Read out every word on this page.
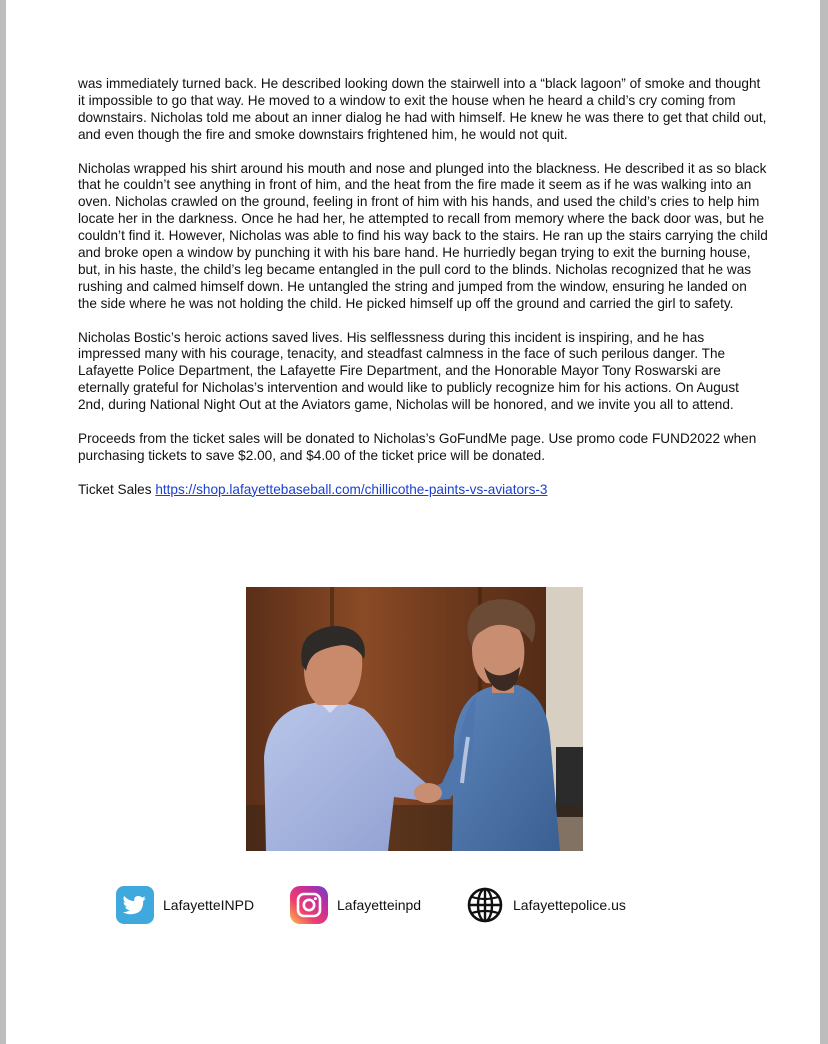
was immediately turned back. He described looking down the stairwell into a “black lagoon” of smoke and thought it impossible to go that way. He moved to a window to exit the house when he heard a child’s cry coming from downstairs. Nicholas told me about an inner dialog he had with himself. He knew he was there to get that child out, and even though the fire and smoke downstairs frightened him, he would not quit.

Nicholas wrapped his shirt around his mouth and nose and plunged into the blackness. He described it as so black that he couldn’t see anything in front of him, and the heat from the fire made it seem as if he was walking into an oven. Nicholas crawled on the ground, feeling in front of him with his hands, and used the child’s cries to help him locate her in the darkness. Once he had her, he attempted to recall from memory where the back door was, but he couldn’t find it. However, Nicholas was able to find his way back to the stairs. He ran up the stairs carrying the child and broke open a window by punching it with his bare hand. He hurriedly began trying to exit the burning house, but, in his haste, the child’s leg became entangled in the pull cord to the blinds. Nicholas recognized that he was rushing and calmed himself down. He untangled the string and jumped from the window, ensuring he landed on the side where he was not holding the child. He picked himself up off the ground and carried the girl to safety.

Nicholas Bostic’s heroic actions saved lives. His selflessness during this incident is inspiring, and he has impressed many with his courage, tenacity, and steadfast calmness in the face of such perilous danger. The Lafayette Police Department, the Lafayette Fire Department, and the Honorable Mayor Tony Roswarski are eternally grateful for Nicholas’s intervention and would like to publicly recognize him for his actions. On August 2nd, during National Night Out at the Aviators game, Nicholas will be honored, and we invite you all to attend.

Proceeds from the ticket sales will be donated to Nicholas’s GoFundMe page. Use promo code FUND2022 when purchasing tickets to save $2.00, and $4.00 of the ticket price will be donated.

Ticket Sales https://shop.lafayettebaseball.com/chillicothe-paints-vs-aviators-3

LafayetteINPD	Lafayetteinpd	Lafayettepolice.us
